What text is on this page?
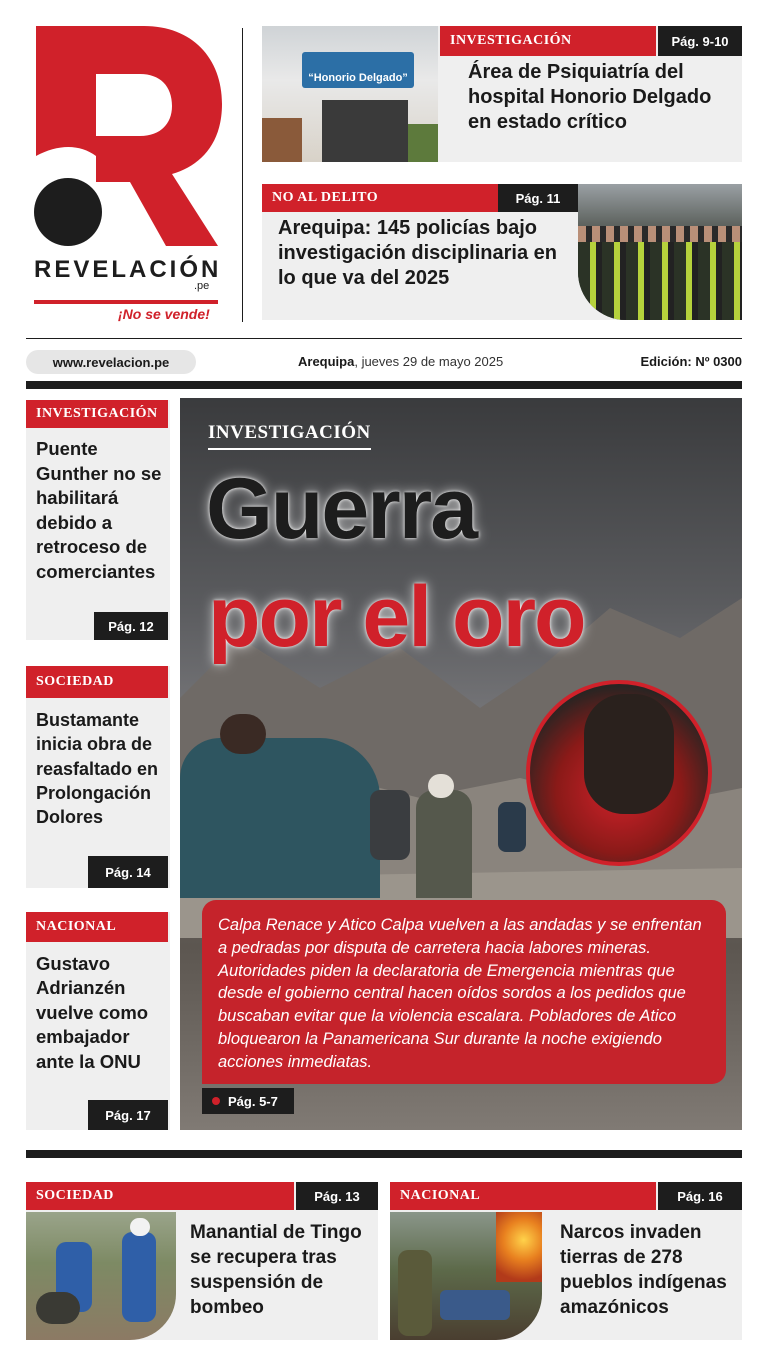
REVELACIÓN
.pe
¡No se vende!
“Honorio Delgado”
INVESTIGACIÓN	Pág. 9-10
Área de Psiquiatría del hospital Honorio Delgado en estado crítico
NO AL DELITO	Pág. 11
Arequipa: 145 policías bajo investigación disciplinaria en lo que va del 2025
www.revelacion.pe	Arequipa, jueves 29 de mayo 2025	Edición: Nº 0300
INVESTIGACIÓN
Puente Gunther no se habilitará debido a retroceso de comerciantes
Pág. 12
SOCIEDAD
Bustamante inicia obra de reasfaltado en Prolongación Dolores
Pág. 14
NACIONAL
Gustavo Adrianzén vuelve como embajador ante la ONU
Pág. 17
INVESTIGACIÓN
Guerra
por el oro
Calpa Renace y Atico Calpa vuelven a las andadas y se enfrentan a pedradas por disputa de carretera hacia labores mineras. Autoridades piden la declaratoria de Emergencia mientras que desde el gobierno central hacen oídos sordos a los pedidos que buscaban evitar que la violencia escalara. Pobladores de Atico bloquearon la Panamericana Sur durante la noche exigiendo acciones inmediatas.
Pág. 5-7
SOCIEDAD	Pág. 13
Manantial de Tingo se recupera tras suspensión de bombeo
NACIONAL	Pág. 16
Narcos invaden tierras de 278 pueblos indígenas amazónicos
